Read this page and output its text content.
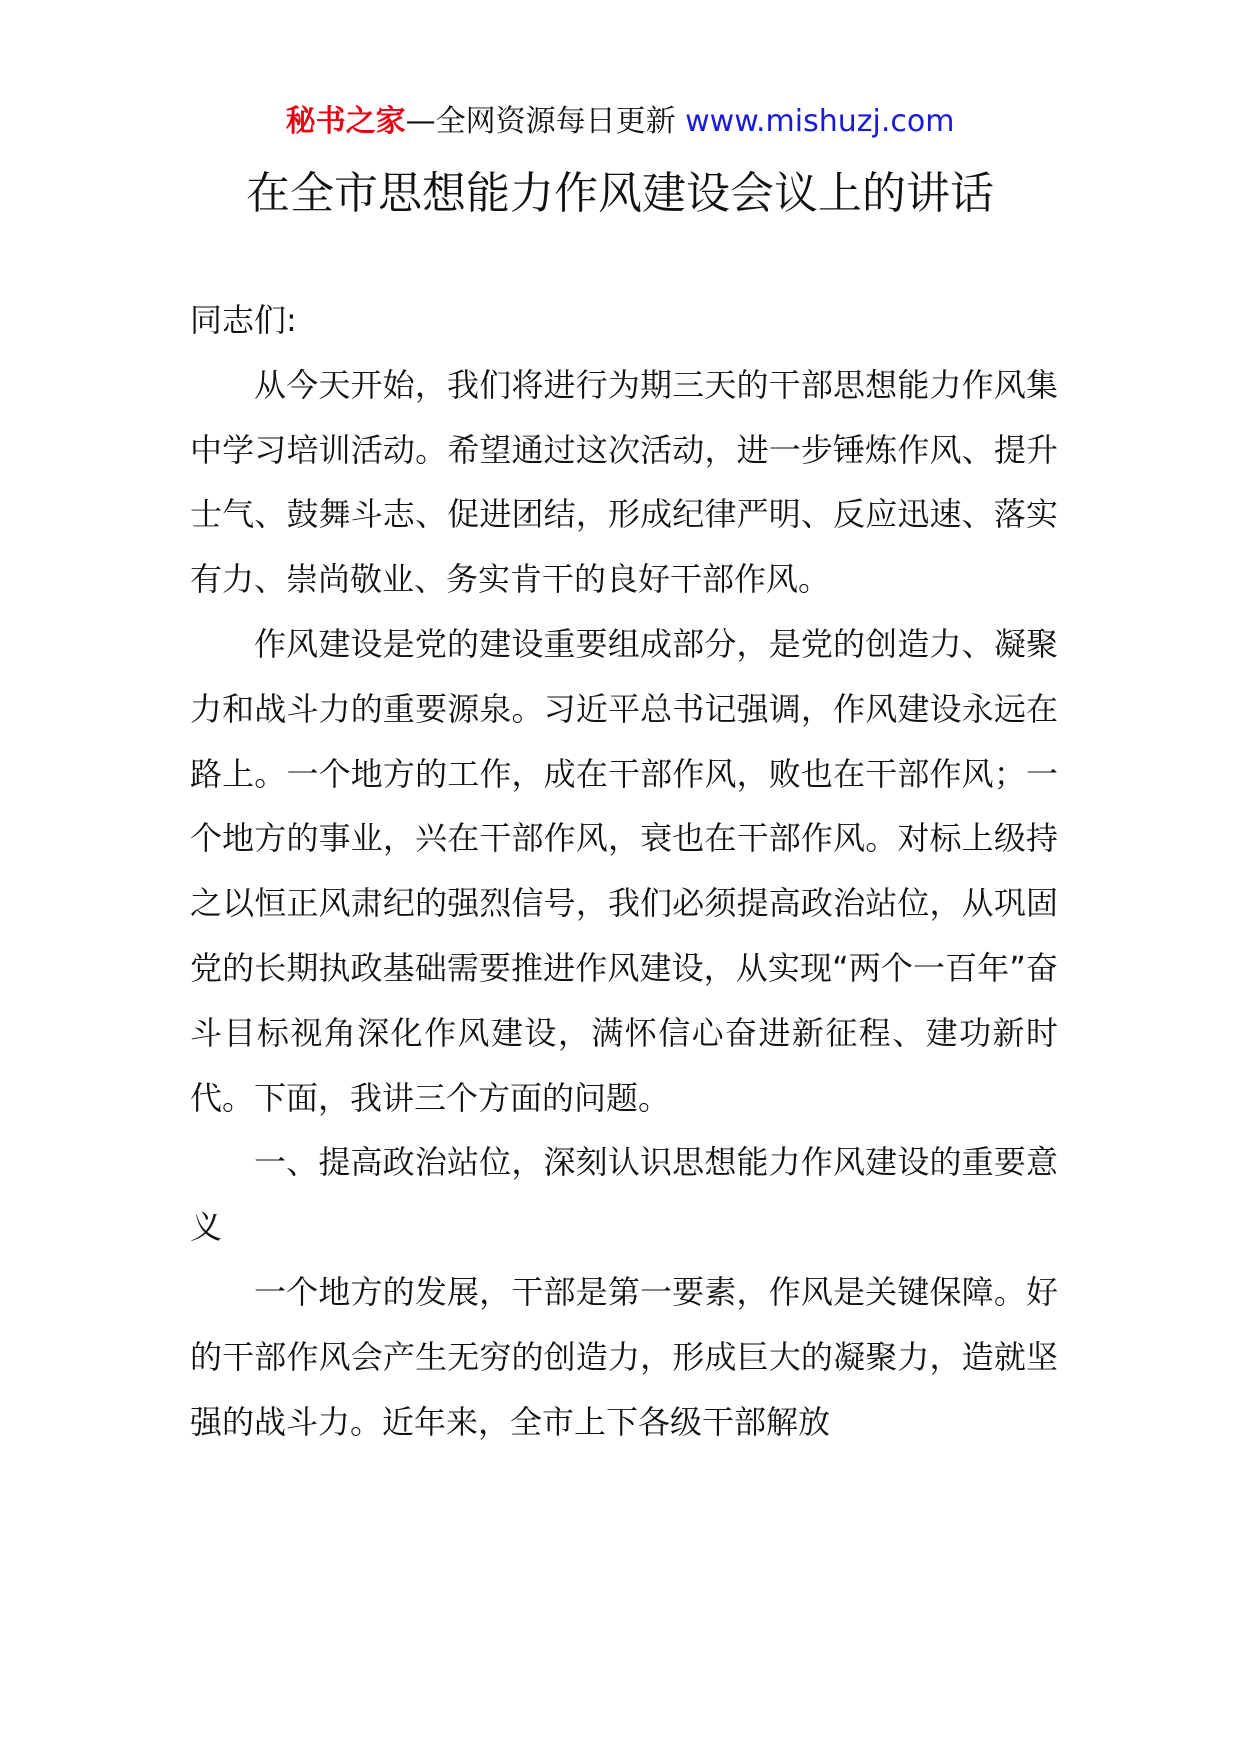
秘书之家—全网资源每日更新 www.mishuzj.com
在全市思想能力作风建设会议上的讲话

同志们:

从今天开始，我们将进行为期三天的干部思想能力作风集中学习培训活动。希望通过这次活动，进一步锤炼作风、提升士气、鼓舞斗志、促进团结，形成纪律严明、反应迅速、落实有力、崇尚敬业、务实肯干的良好干部作风。

作风建设是党的建设重要组成部分，是党的创造力、凝聚力和战斗力的重要源泉。习近平总书记强调，作风建设永远在路上。一个地方的工作，成在干部作风，败也在干部作风；一个地方的事业，兴在干部作风，衰也在干部作风。对标上级持之以恒正风肃纪的强烈信号，我们必须提高政治站位，从巩固党的长期执政基础需要推进作风建设，从实现“两个一百年”奋斗目标视角深化作风建设，满怀信心奋进新征程、建功新时代。下面，我讲三个方面的问题。

一、提高政治站位，深刻认识思想能力作风建设的重要意义

一个地方的发展，干部是第一要素，作风是关键保障。好的干部作风会产生无穷的创造力，形成巨大的凝聚力，造就坚强的战斗力。近年来，全市上下各级干部解放
